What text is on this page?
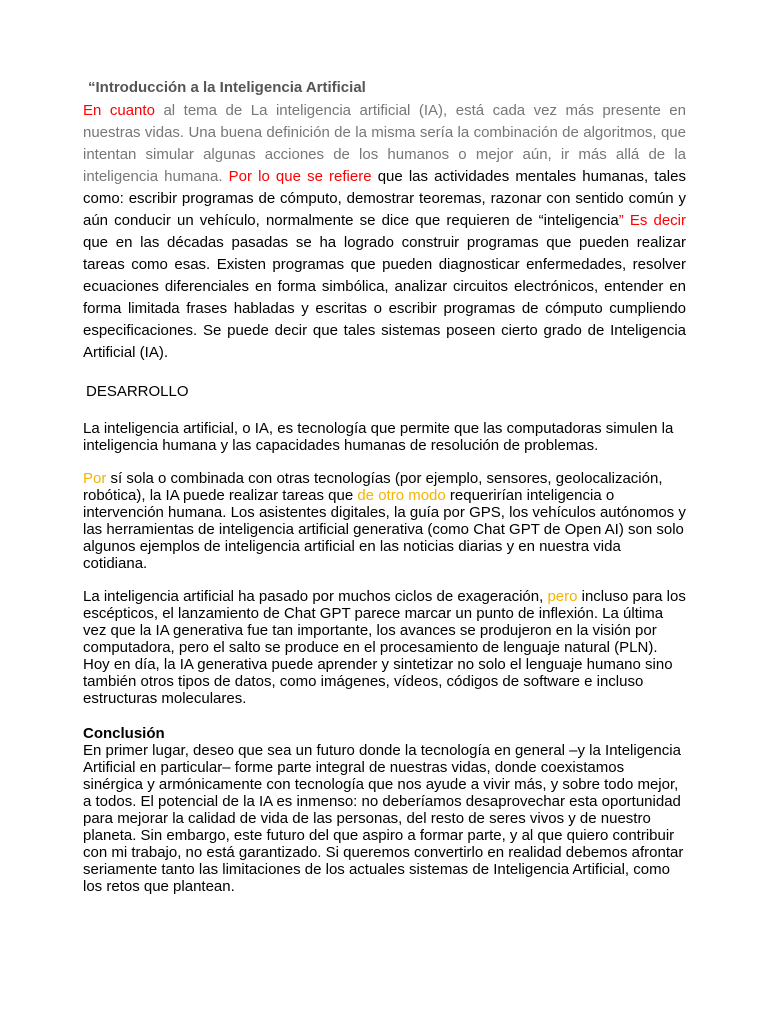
“Introducción a la Inteligencia Artificial

En cuanto al tema de La inteligencia artificial (IA), está cada vez más presente en nuestras vidas. Una buena definición de la misma sería la combinación de algoritmos, que intentan simular algunas acciones de los humanos o mejor aún, ir más allá de la inteligencia humana. Por lo que se refiere que las actividades mentales humanas, tales como: escribir programas de cómputo, demostrar teoremas, razonar con sentido común y aún conducir un vehículo, normalmente se dice que requieren de “inteligencia” Es decir que en las décadas pasadas se ha logrado construir programas que pueden realizar tareas como esas. Existen programas que pueden diagnosticar enfermedades, resolver ecuaciones diferenciales en forma simbólica, analizar circuitos electrónicos, entender en forma limitada frases habladas y escritas o escribir programas de cómputo cumpliendo especificaciones. Se puede decir que tales sistemas poseen cierto grado de Inteligencia Artificial (IA).

DESARROLLO

La inteligencia artificial, o IA, es tecnología que permite que las computadoras simulen la inteligencia humana y las capacidades humanas de resolución de problemas.

Por sí sola o combinada con otras tecnologías (por ejemplo, sensores, geolocalización, robótica), la IA puede realizar tareas que de otro modo requerirían inteligencia o intervención humana. Los asistentes digitales, la guía por GPS, los vehículos autónomos y las herramientas de inteligencia artificial generativa (como Chat GPT de Open AI) son solo algunos ejemplos de inteligencia artificial en las noticias diarias y en nuestra vida cotidiana.

La inteligencia artificial ha pasado por muchos ciclos de exageración, pero incluso para los escépticos, el lanzamiento de Chat GPT parece marcar un punto de inflexión. La última vez que la IA generativa fue tan importante, los avances se produjeron en la visión por computadora, pero el salto se produce en el procesamiento de lenguaje natural (PLN). Hoy en día, la IA generativa puede aprender y sintetizar no solo el lenguaje humano sino también otros tipos de datos, como imágenes, vídeos, códigos de software e incluso estructuras moleculares.

Conclusión

En primer lugar, deseo que sea un futuro donde la tecnología en general –y la Inteligencia Artificial en particular– forme parte integral de nuestras vidas, donde coexistamos sinérgica y armónicamente con tecnología que nos ayude a vivir más, y sobre todo mejor, a todos. El potencial de la IA es inmenso: no deberíamos desaprovechar esta oportunidad para mejorar la calidad de vida de las personas, del resto de seres vivos y de nuestro planeta. Sin embargo, este futuro del que aspiro a formar parte, y al que quiero contribuir con mi trabajo, no está garantizado. Si queremos convertirlo en realidad debemos afrontar seriamente tanto las limitaciones de los actuales sistemas de Inteligencia Artificial, como los retos que plantean.
